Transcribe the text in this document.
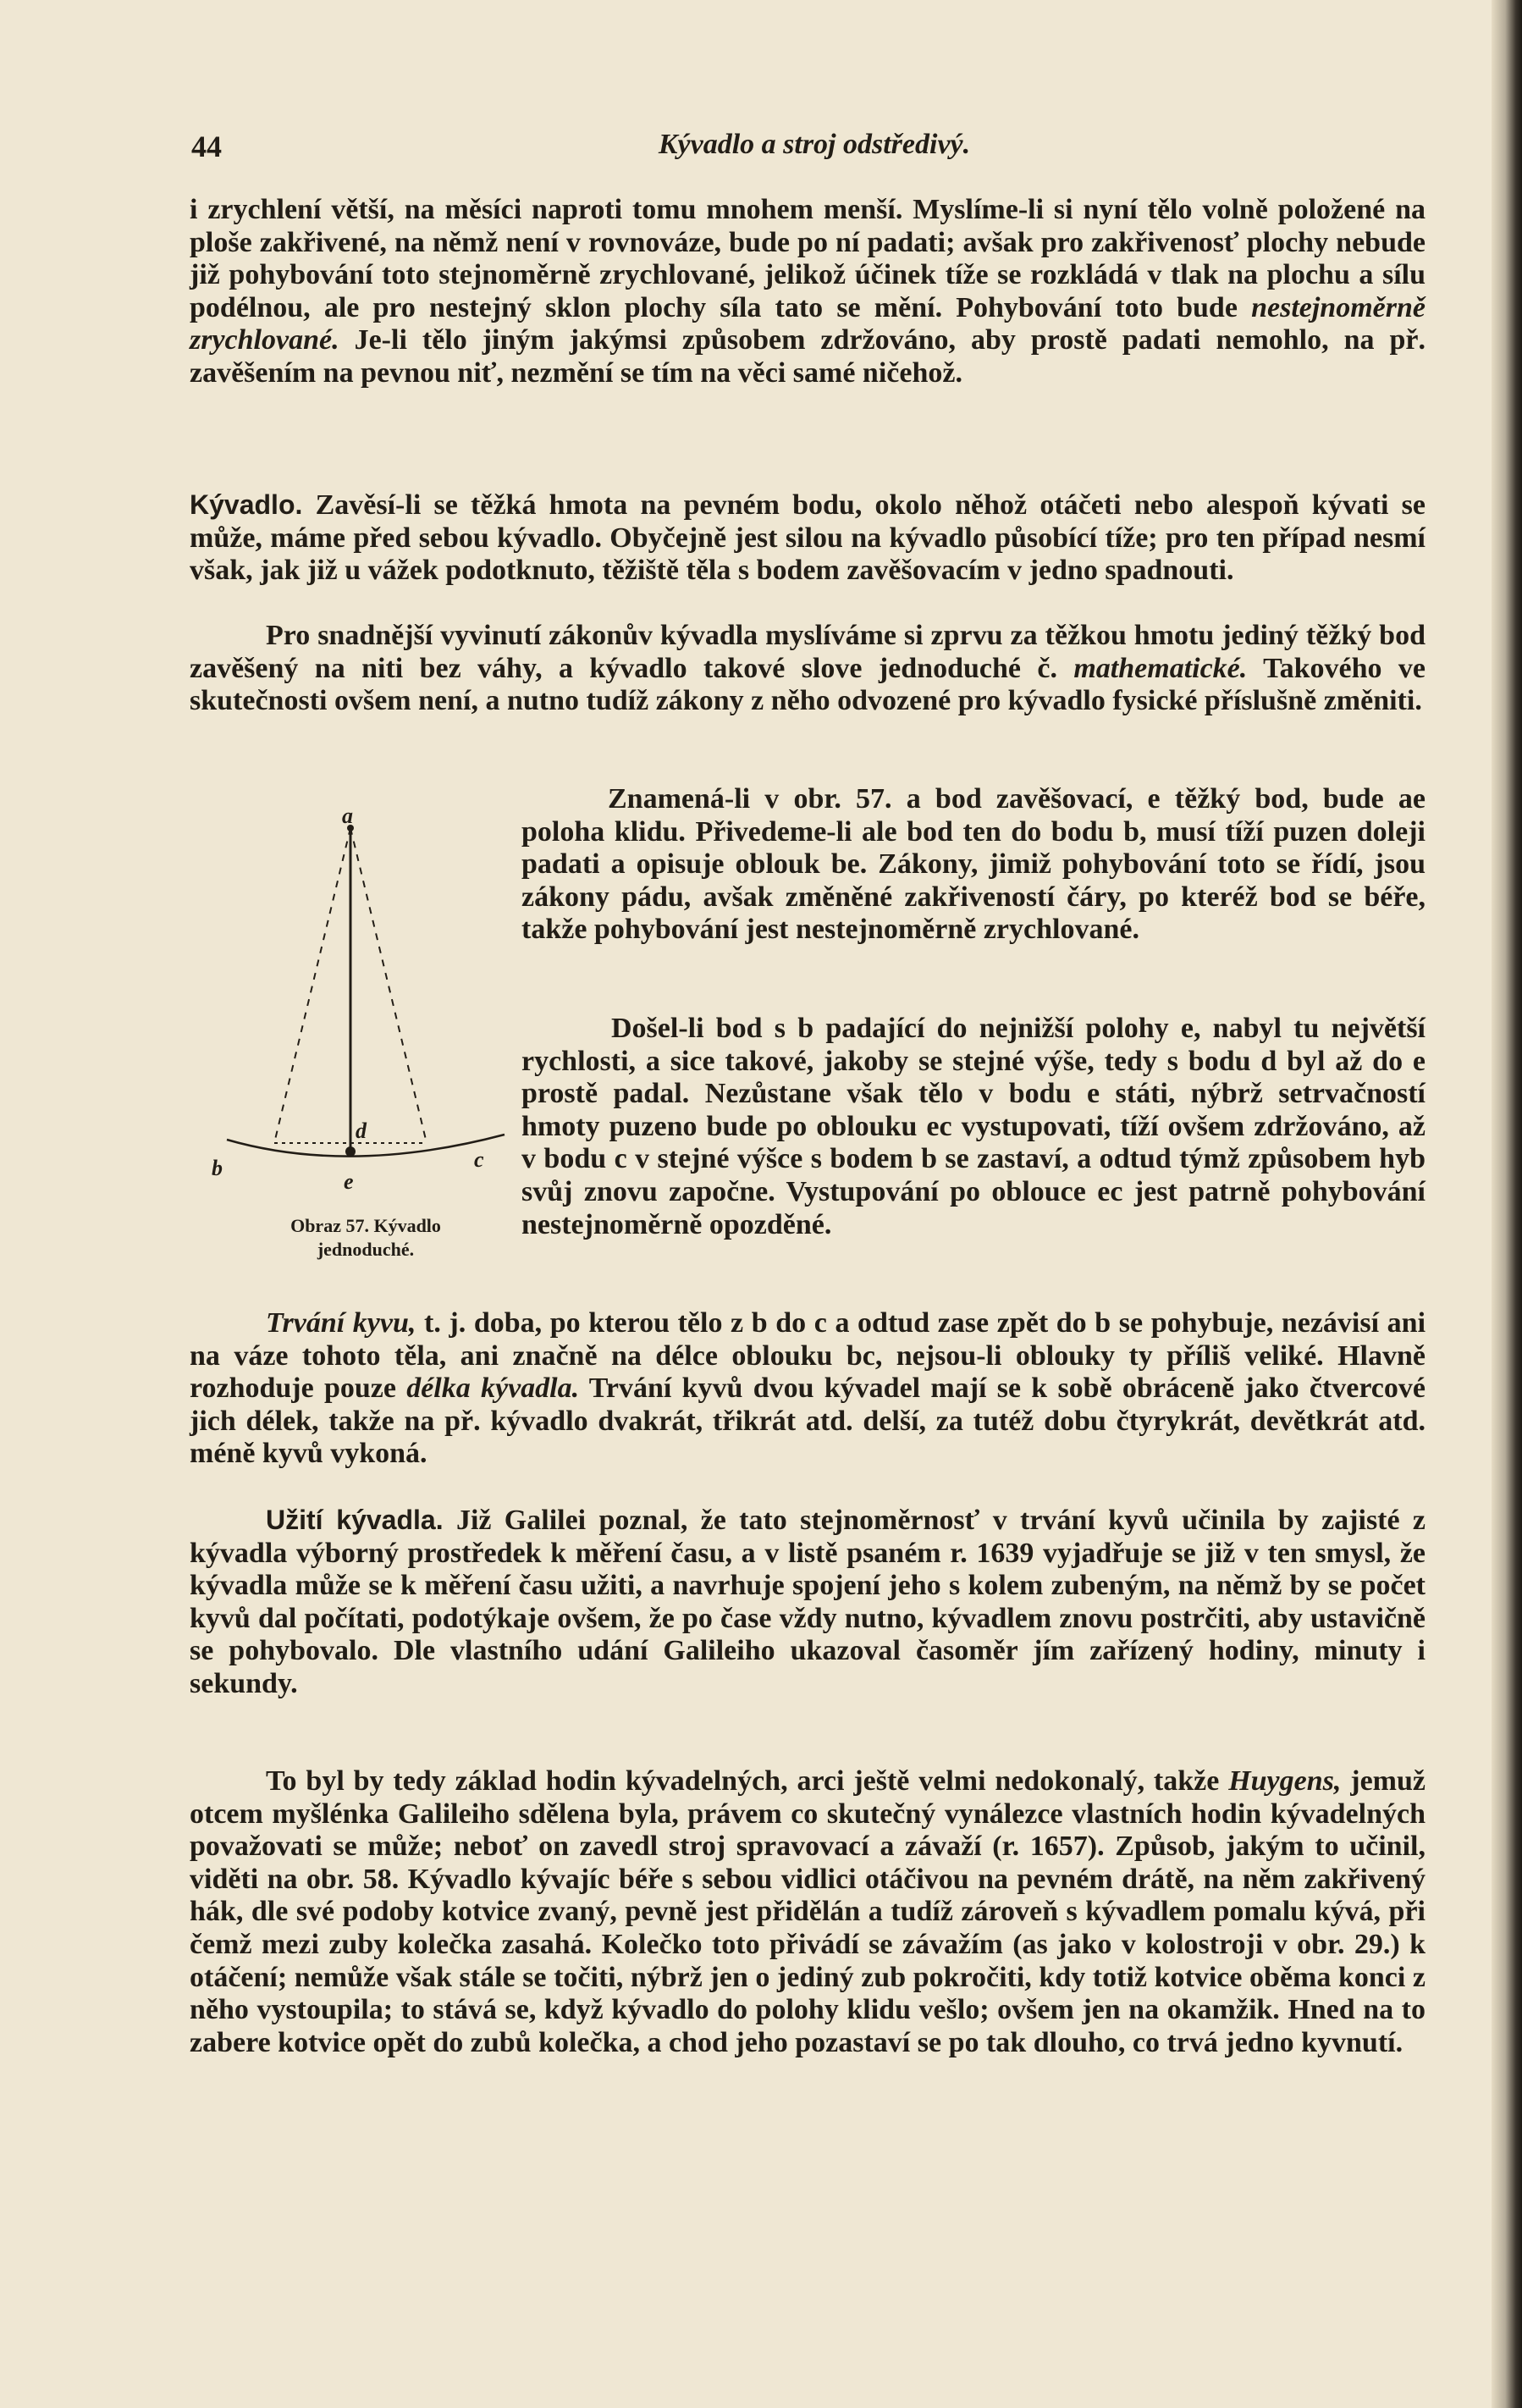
44	Kývadlo a stroj odstředivý.
i zrychlení větší, na měsíci naproti tomu mnohem menší. Myslíme-li si nyní tělo volně položené na ploše zakřivené, na němž není v rovnováze, bude po ní padati; avšak pro zakřivenosť plochy nebude již pohybování toto stejnoměrně zrychlované, jelikož účinek tíže se rozkládá v tlak na plochu a sílu podélnou, ale pro nestejný sklon plochy síla tato se mění. Pohybování toto bude nestejnoměrně zrychlované. Je-li tělo jiným jakýmsi způsobem zdržováno, aby prostě padati nemohlo, na př. zavěšením na pevnou niť, nezmění se tím na věci samé ničehož.
Kývadlo. Zavěsí-li se těžká hmota na pevném bodu, okolo něhož otáčeti nebo alespoň kývati se může, máme před sebou kývadlo. Obyčejně jest silou na kývadlo působící tíže; pro ten případ nesmí však, jak již u vážek podotknuto, těžiště těla s bodem zavěšovacím v jedno spadnouti.
Pro snadnější vyvinutí zákonův kývadla myslíváme si zprvu za těžkou hmotu jediný těžký bod zavěšený na niti bez váhy, a kývadlo takové slove jednoduché č. mathematické. Takového ve skutečnosti ovšem není, a nutno tudíž zákony z něho odvozené pro kývadlo fysické příslušně změniti.
Znamená-li v obr. 57. a bod zavěšovací, e těžký bod, bude ae poloha klidu. Přivedeme-li ale bod ten do bodu b, musí tíží puzen doleji padati a opisuje oblouk be. Zákony, jimiž pohybování toto se řídí, jsou zákony pádu, avšak změněné zakřiveností čáry, po kteréž bod se béře, takže pohybování jest nestejnoměrně zrychlované.
Došel-li bod s b padající do nejnižší polohy e, nabyl tu největší rychlosti, a sice takové, jakoby se stejné výše, tedy s bodu d byl až do e prostě padal. Nezůstane však tělo v bodu e státi, nýbrž setrvačností hmoty puzeno bude po oblouku ec vystupovati, tíží ovšem zdržováno, až v bodu c v stejné výšce s bodem b se zastaví, a odtud týmž způsobem hyb svůj znovu započne. Vystupování po oblouce ec jest patrně pohybování nestejnoměrně opozděné.
Trvání kyvu, t. j. doba, po kterou tělo z b do c a odtud zase zpět do b se pohybuje, nezávisí ani na váze tohoto těla, ani značně na délce oblouku bc, nejsou-li oblouky ty příliš veliké. Hlavně rozhoduje pouze délka kývadla. Trvání kyvů dvou kývadel mají se k sobě obráceně jako čtvercové jich délek, takže na př. kývadlo dvakrát, třikrát atd. delší, za tutéž dobu čtyrykrát, devětkrát atd. méně kyvů vykoná.
Užití kývadla. Již Galilei poznal, že tato stejnoměrnosť v trvání kyvů učinila by zajisté z kývadla výborný prostředek k měření času, a v listě psaném r. 1639 vyjadřuje se již v ten smysl, že kývadla může se k měření času užiti, a navrhuje spojení jeho s kolem zubeným, na němž by se počet kyvů dal počítati, podotýkaje ovšem, že po čase vždy nutno, kývadlem znovu postrčiti, aby ustavičně se pohybovalo. Dle vlastního udání Galileiho ukazoval časoměr jím zařízený hodiny, minuty i sekundy.
To byl by tedy základ hodin kývadelných, arci ještě velmi nedokonalý, takže Huygens, jemuž otcem myšlénka Galileiho sdělena byla, právem co skutečný vynálezce vlastních hodin kývadelných považovati se může; neboť on zavedl stroj spravovací a závaží (r. 1657). Způsob, jakým to učinil, viděti na obr. 58. Kývadlo kývajíc béře s sebou vidlici otáčivou na pevném drátě, na něm zakřivený hák, dle své podoby kotvice zvaný, pevně jest přidělán a tudíž zároveň s kývadlem pomalu kývá, při čemž mezi zuby kolečka zasahá. Kolečko toto přivádí se závažím (as jako v kolostroji v obr. 29.) k otáčení; nemůže však stále se točiti, nýbrž jen o jediný zub pokročiti, kdy totiž kotvice oběma konci z něho vystoupila; to stává se, když kývadlo do polohy klidu vešlo; ovšem jen na okamžik. Hned na to zabere kotvice opět do zubů kolečka, a chod jeho pozastaví se po tak dlouho, co trvá jedno kyvnutí.
a
b	c
d
e
Obraz 57. Kývadlo
jednoduché.
